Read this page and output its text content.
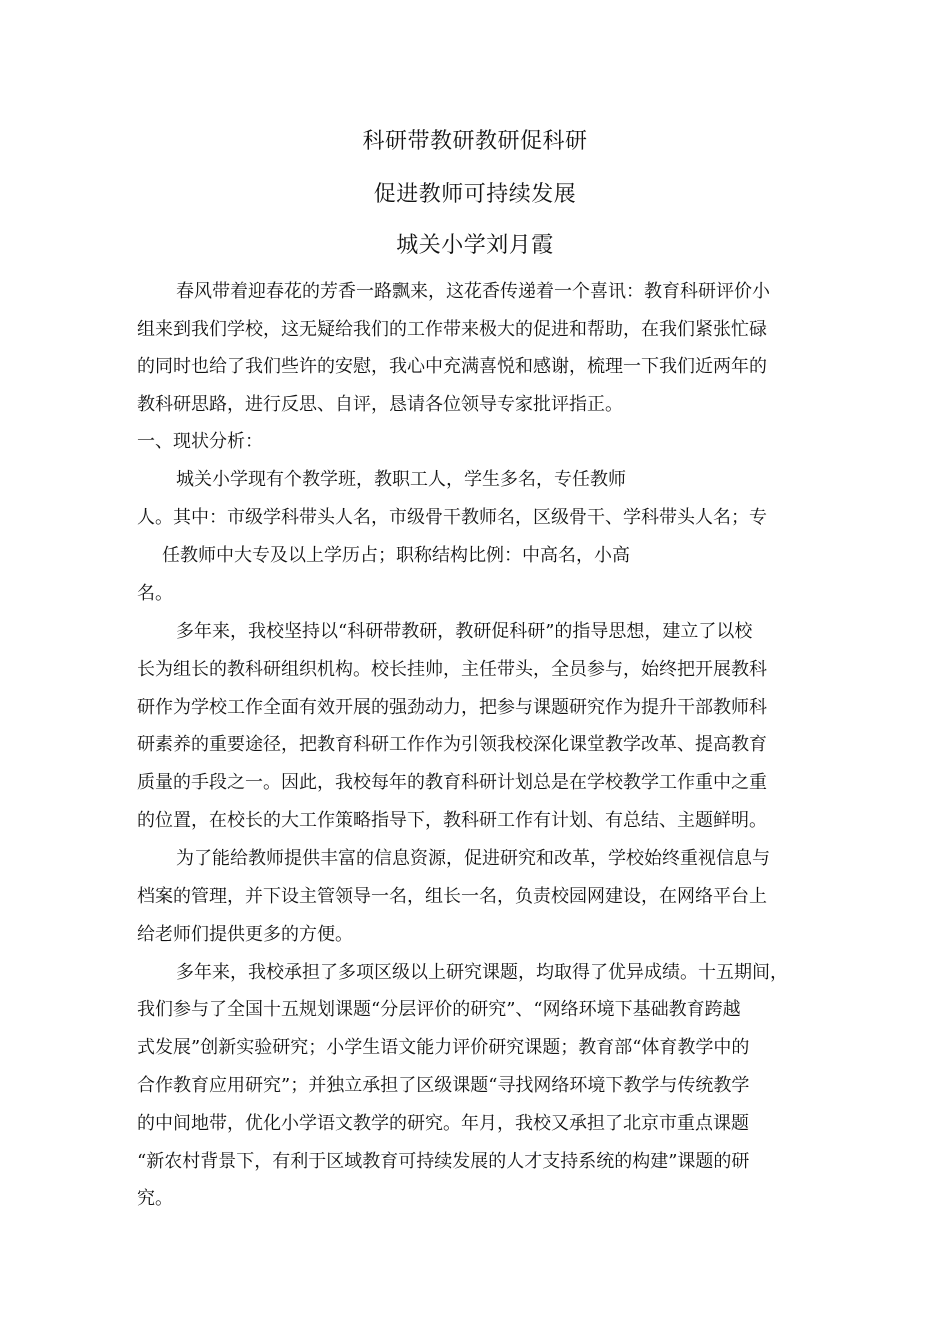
科研带教研教研促科研
促进教师可持续发展
城关小学刘月霞
春风带着迎春花的芳香一路飘来，这花香传递着一个喜讯：教育科研评价小
组来到我们学校，这无疑给我们的工作带来极大的促进和帮助，在我们紧张忙碌
的同时也给了我们些许的安慰，我心中充满喜悦和感谢，梳理一下我们近两年的
教科研思路，进行反思、自评，恳请各位领导专家批评指正。
一、现状分析：
城关小学现有个教学班，教职工人，学生多名，专任教师
人。其中：市级学科带头人名，市级骨干教师名，区级骨干、学科带头人名；专
任教师中大专及以上学历占；职称结构比例：中高名，小高
名。
多年来，我校坚持以“科研带教研，教研促科研”的指导思想，建立了以校
长为组长的教科研组织机构。校长挂帅，主任带头，全员参与，始终把开展教科
研作为学校工作全面有效开展的强劲动力，把参与课题研究作为提升干部教师科
研素养的重要途径，把教育科研工作作为引领我校深化课堂教学改革、提高教育
质量的手段之一。因此，我校每年的教育科研计划总是在学校教学工作重中之重
的位置，在校长的大工作策略指导下，教科研工作有计划、有总结、主题鲜明。
为了能给教师提供丰富的信息资源，促进研究和改革，学校始终重视信息与
档案的管理，并下设主管领导一名，组长一名，负责校园网建设，在网络平台上
给老师们提供更多的方便。
多年来，我校承担了多项区级以上研究课题，均取得了优异成绩。十五期间，
我们参与了全国十五规划课题“分层评价的研究”、“网络环境下基础教育跨越
式发展”创新实验研究；小学生语文能力评价研究课题；教育部“体育教学中的
合作教育应用研究”；并独立承担了区级课题“寻找网络环境下教学与传统教学
的中间地带，优化小学语文教学的研究。年月，我校又承担了北京市重点课题
“新农村背景下，有利于区域教育可持续发展的人才支持系统的构建”课题的研
究。
